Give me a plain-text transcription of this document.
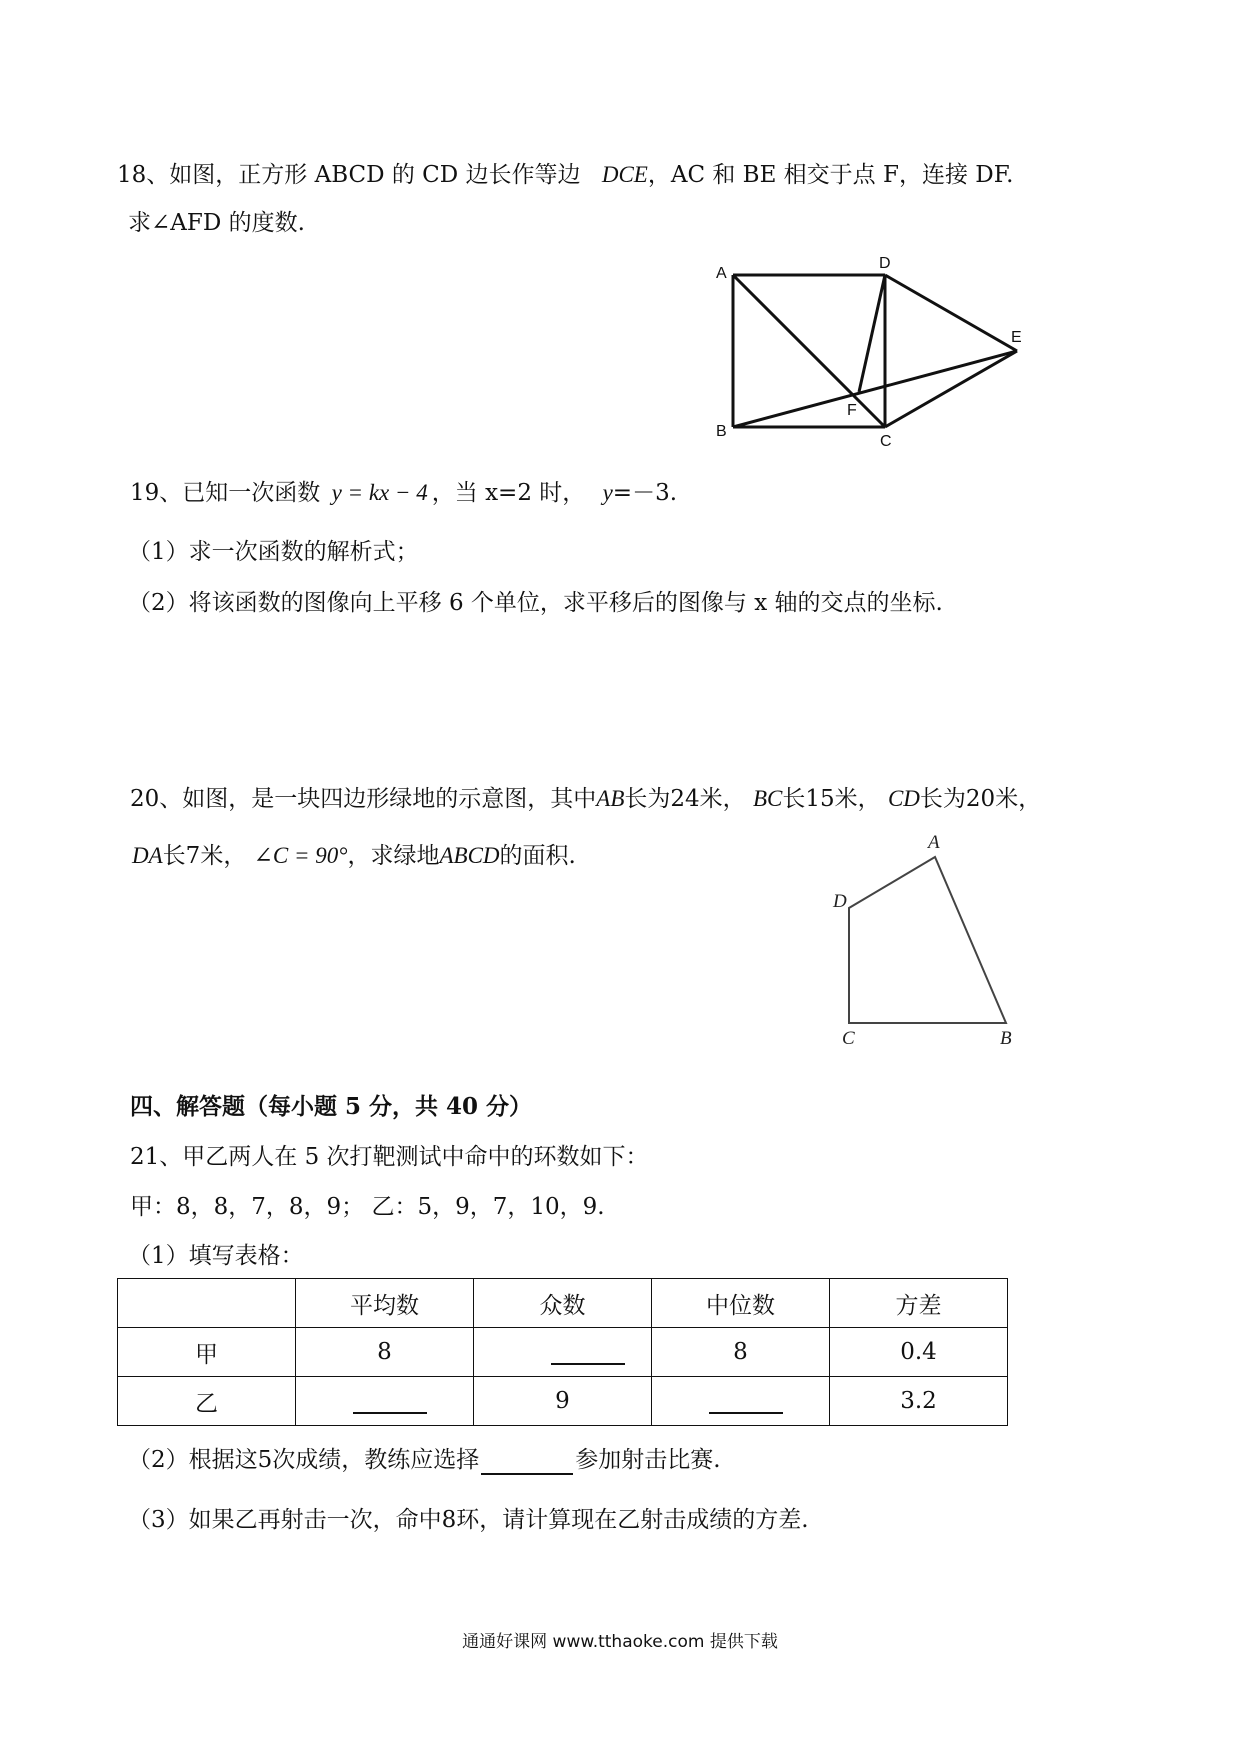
18、如图，正方形 ABCD 的 CD 边长作等边 DCE，AC 和 BE 相交于点 F，连接 DF.
求∠AFD 的度数.
A
D
E
B
C
F
19、已知一次函数 y = kx − 4 ，当 x=2 时， y=－3.
（1）求一次函数的解析式；
（2）将该函数的图像向上平移 6 个单位，求平移后的图像与 x 轴的交点的坐标.
20、如图，是一块四边形绿地的示意图，其中AB长为24米， BC长15米， CD长为20米，
DA长7米， ∠C = 90°，求绿地ABCD的面积.
A
D
C	B
四、解答题（每小题 5 分，共 40 分）
21、甲乙两人在 5 次打靶测试中命中的环数如下：
甲：8，8，7，8，9； 乙：5，9，7，10，9.
（1）填写表格：
	平均数	众数	中位数	方差
甲	8		8	0.4
乙		9		3.2
（2）根据这5次成绩，教练应选择	参加射击比赛.
（3）如果乙再射击一次，命中8环，请计算现在乙射击成绩的方差.
通通好课网 www.tthaoke.com 提供下载
